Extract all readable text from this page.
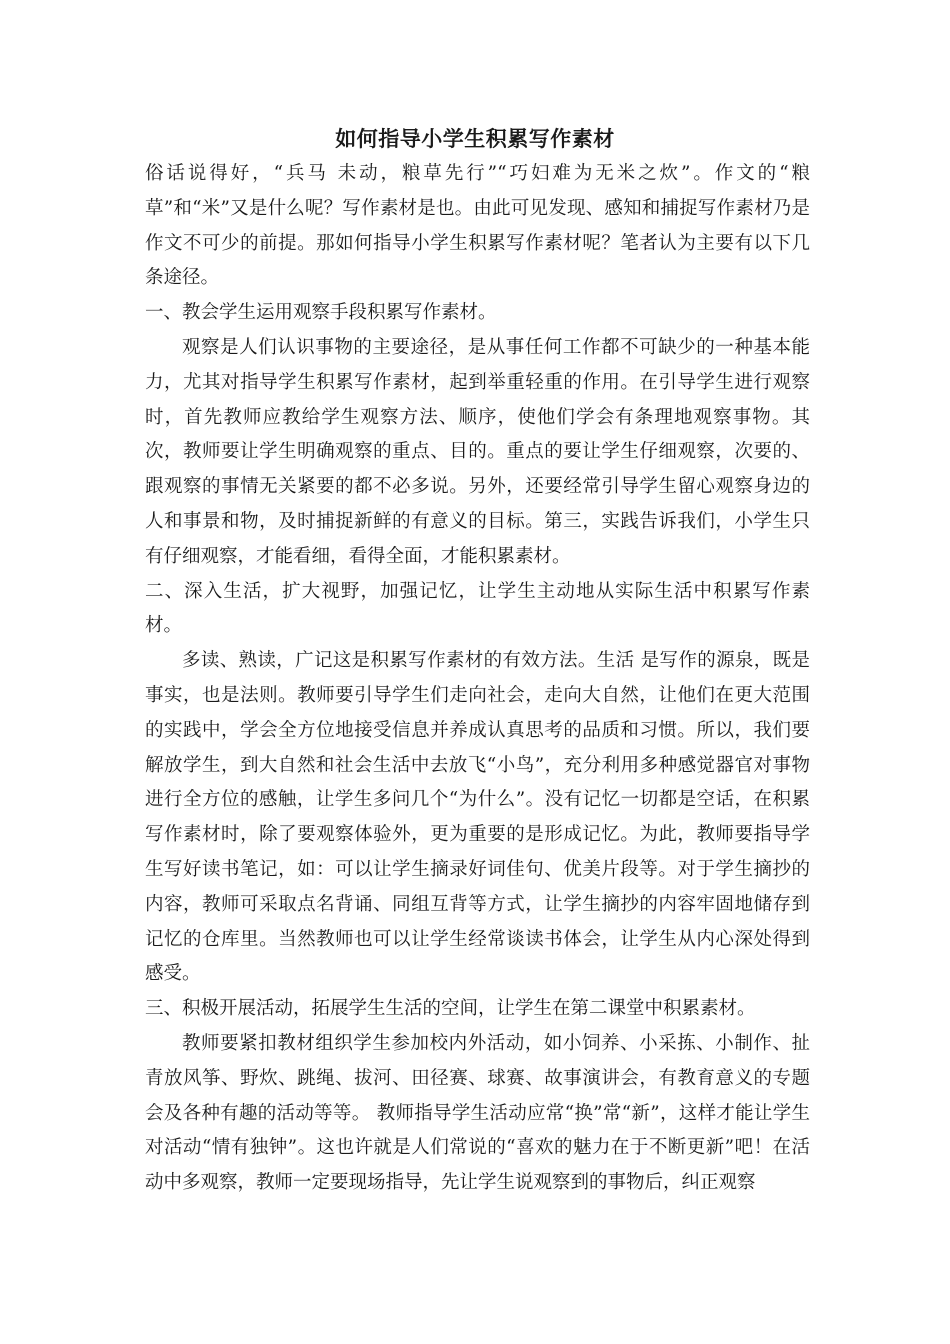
如何指导小学生积累写作素材

俗话说得好，“兵马 未动，粮草先行”“巧妇难为无米之炊”。作文的“粮草”和“米”又是什么呢？写作素材是也。由此可见发现、感知和捕捉写作素材乃是作文不可少的前提。那如何指导小学生积累写作素材呢？笔者认为主要有以下几条途径。

一、教会学生运用观察手段积累写作素材。

观察是人们认识事物的主要途径，是从事任何工作都不可缺少的一种基本能力，尤其对指导学生积累写作素材，起到举重轻重的作用。在引导学生进行观察时，首先教师应教给学生观察方法、顺序，使他们学会有条理地观察事物。其次，教师要让学生明确观察的重点、目的。重点的要让学生仔细观察，次要的、跟观察的事情无关紧要的都不必多说。另外，还要经常引导学生留心观察身边的人和事景和物，及时捕捉新鲜的有意义的目标。第三，实践告诉我们，小学生只有仔细观察，才能看细，看得全面，才能积累素材。

二、深入生活，扩大视野，加强记忆，让学生主动地从实际生活中积累写作素材。

多读、熟读，广记这是积累写作素材的有效方法。生活 是写作的源泉，既是事实，也是法则。教师要引导学生们走向社会，走向大自然，让他们在更大范围的实践中，学会全方位地接受信息并养成认真思考的品质和习惯。所以，我们要解放学生，到大自然和社会生活中去放飞“小鸟”，充分利用多种感觉器官对事物进行全方位的感触，让学生多问几个“为什么”。没有记忆一切都是空话，在积累写作素材时，除了要观察体验外，更为重要的是形成记忆。为此，教师要指导学生写好读书笔记，如：可以让学生摘录好词佳句、优美片段等。对于学生摘抄的内容，教师可采取点名背诵、同组互背等方式，让学生摘抄的内容牢固地储存到记忆的仓库里。当然教师也可以让学生经常谈读书体会，让学生从内心深处得到感受。

三、积极开展活动，拓展学生生活的空间，让学生在第二课堂中积累素材。

教师要紧扣教材组织学生参加校内外活动，如小饲养、小采拣、小制作、扯青放风筝、野炊、跳绳、拔河、田径赛、球赛、故事演讲会，有教育意义的专题会及各种有趣的活动等等。 教师指导学生活动应常“换”常“新”，这样才能让学生对活动“情有独钟”。这也许就是人们常说的“喜欢的魅力在于不断更新”吧！在活动中多观察，教师一定要现场指导，先让学生说观察到的事物后，纠正观察
